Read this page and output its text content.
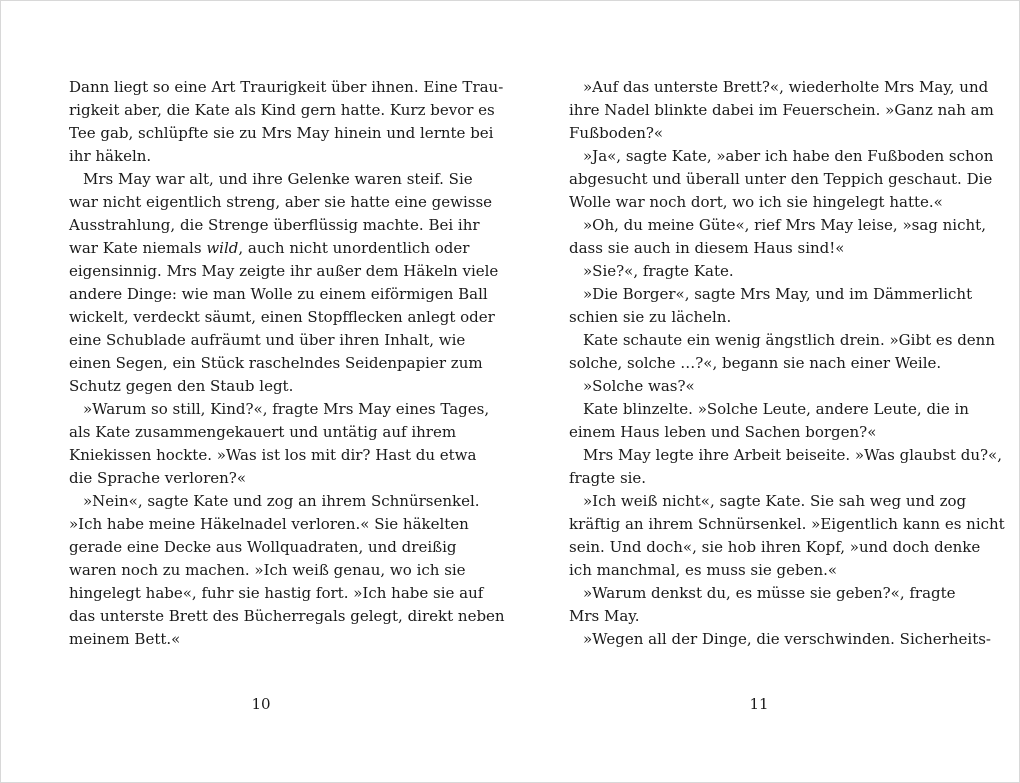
Dann liegt so eine Art Traurigkeit über ihnen. Eine Trau-
rigkeit aber, die Kate als Kind gern hatte. Kurz bevor es
Tee gab, schlüpfte sie zu Mrs May hinein und lernte bei
ihr häkeln.
Mrs May war alt, und ihre Gelenke waren steif. Sie
war nicht eigentlich streng, aber sie hatte eine gewisse
Ausstrahlung, die Strenge überflüssig machte. Bei ihr
war Kate niemals wild, auch nicht unordentlich oder
eigensinnig. Mrs May zeigte ihr außer dem Häkeln viele
andere Dinge: wie man Wolle zu einem eiförmigen Ball
wickelt, verdeckt säumt, einen Stopfflecken anlegt oder
eine Schublade aufräumt und über ihren Inhalt, wie
einen Segen, ein Stück raschelndes Seidenpapier zum
Schutz gegen den Staub legt.
»Warum so still, Kind?«, fragte Mrs May eines Tages,
als Kate zusammengekauert und untätig auf ihrem
Kniekissen hockte. »Was ist los mit dir? Hast du etwa
die Sprache verloren?«
»Nein«, sagte Kate und zog an ihrem Schnürsenkel.
»Ich habe meine Häkelnadel verloren.« Sie häkelten
gerade eine Decke aus Wollquadraten, und dreißig
waren noch zu machen. »Ich weiß genau, wo ich sie
hingelegt habe«, fuhr sie hastig fort. »Ich habe sie auf
das unterste Brett des Bücherregals gelegt, direkt neben
meinem Bett.«
»Auf das unterste Brett?«, wiederholte Mrs May, und
ihre Nadel blinkte dabei im Feuerschein. »Ganz nah am
Fußboden?«
»Ja«, sagte Kate, »aber ich habe den Fußboden schon
abgesucht und überall unter den Teppich geschaut. Die
Wolle war noch dort, wo ich sie hingelegt hatte.«
»Oh, du meine Güte«, rief Mrs May leise, »sag nicht,
dass sie auch in diesem Haus sind!«
»Sie?«, fragte Kate.
»Die Borger«, sagte Mrs May, und im Dämmerlicht
schien sie zu lächeln.
Kate schaute ein wenig ängstlich drein. »Gibt es denn
solche, solche …?«, begann sie nach einer Weile.
»Solche was?«
Kate blinzelte. »Solche Leute, andere Leute, die in
einem Haus leben und Sachen borgen?«
Mrs May legte ihre Arbeit beiseite. »Was glaubst du?«,
fragte sie.
»Ich weiß nicht«, sagte Kate. Sie sah weg und zog
kräftig an ihrem Schnürsenkel. »Eigentlich kann es nicht
sein. Und doch«, sie hob ihren Kopf, »und doch denke
ich manchmal, es muss sie geben.«
»Warum denkst du, es müsse sie geben?«, fragte
Mrs May.
»Wegen all der Dinge, die verschwinden. Sicherheits-
10	11
